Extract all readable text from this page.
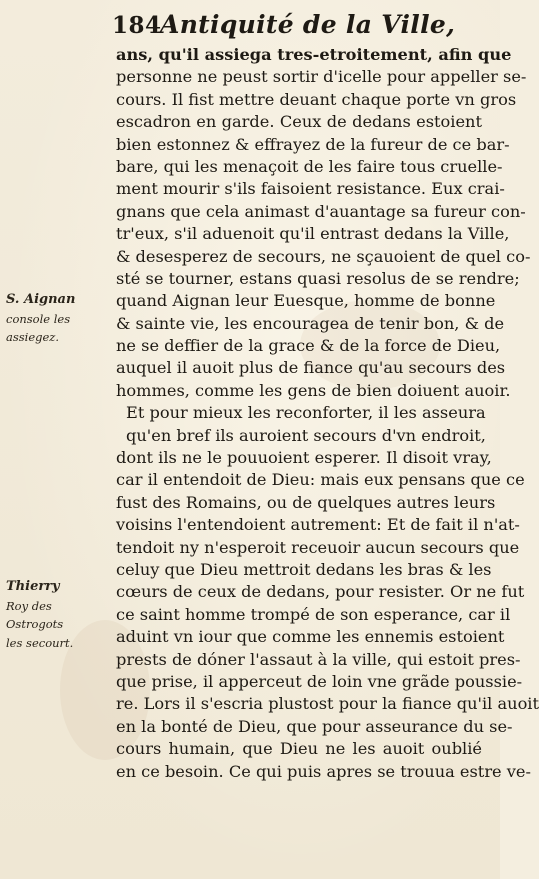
184
Antiquité de la Ville,
S. Aignan
console les
assiegez.
Thierry
Roy des
Ostrogots
les secourt.
ans, qu'il assiega tres-etroitement, afin que
personne ne peust sortir d'icelle pour appeller se-
cours. Il fist mettre deuant chaque porte vn gros
escadron en garde. Ceux de dedans estoient
bien estonnez & effrayez de la fureur de ce bar-
bare, qui les menaçoit de les faire tous cruelle-
ment mourir s'ils faisoient resistance. Eux crai-
gnans que cela animast d'auantage sa fureur con-
tr'eux, s'il aduenoit qu'il entrast dedans la Ville,
& desesperez de secours, ne sçauoient de quel co-
sté se tourner, estans quasi resolus de se rendre;
quand Aignan leur Euesque, homme de bonne
& sainte vie, les encouragea de tenir bon, & de
ne se deffier de la grace & de la force de Dieu,
auquel il auoit plus de fiance qu'au secours des
hommes, comme les gens de bien doiuent auoir.
Et pour mieux les reconforter, il les asseura
qu'en bref ils auroient secours d'vn endroit,
dont ils ne le pouuoient esperer. Il disoit vray,
car il entendoit de Dieu: mais eux pensans que ce
fust des Romains, ou de quelques autres leurs
voisins l'entendoient autrement: Et de fait il n'at-
tendoit ny n'esperoit receuoir aucun secours que
celuy que Dieu mettroit dedans les bras & les
cœurs de ceux de dedans, pour resister. Or ne fut
ce saint homme trompé de son esperance, car il
aduint vn iour que comme les ennemis estoient
prests de dóner l'assaut à la ville, qui estoit pres-
que prise, il apperceut de loin vne grãde poussie-
re. Lors il s'escria plustost pour la fiance qu'il auoit
en la bonté de Dieu, que pour asseurance du se-
cours humain, que Dieu ne les auoit oublié
en ce besoin. Ce qui puis apres se trouua estre ve-
